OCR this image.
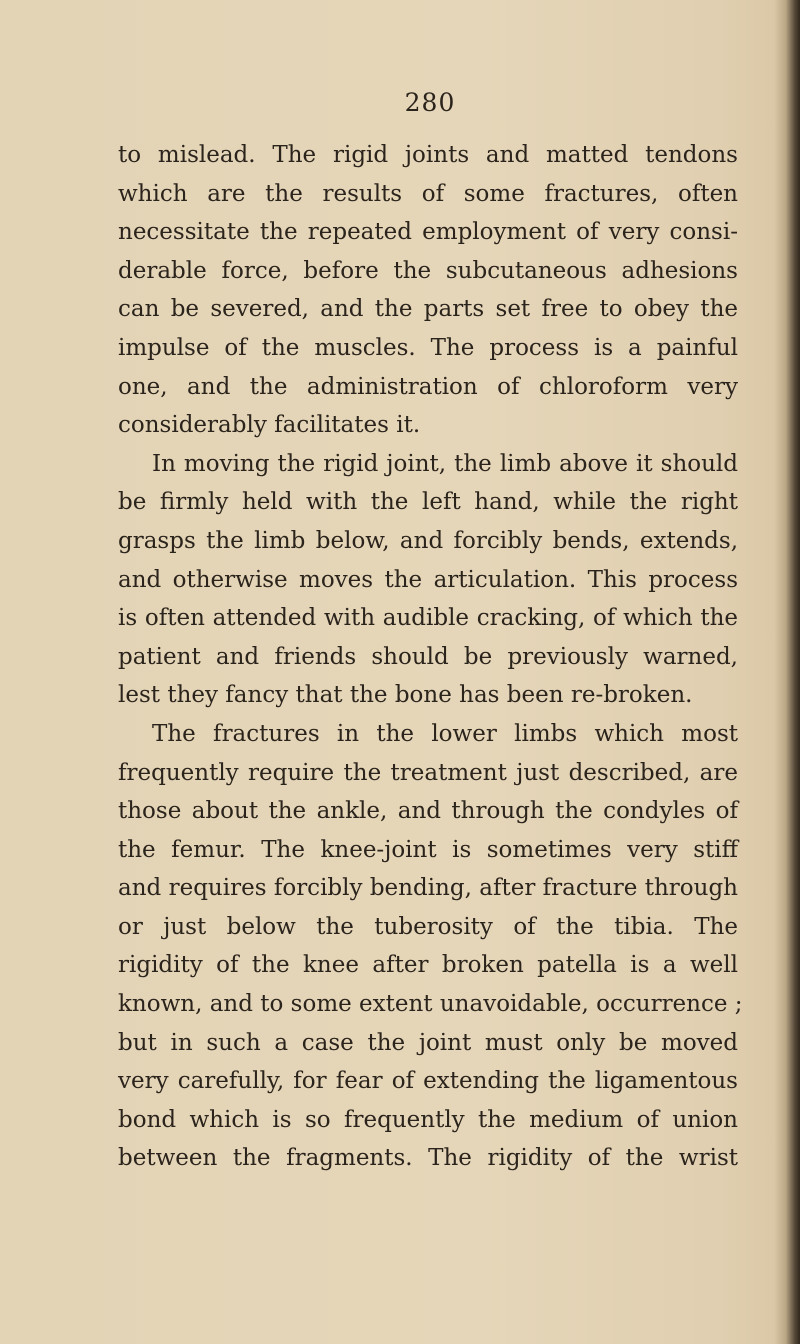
280
to mislead. The rigid joints and matted tendons
which are the results of some fractures, often
necessitate the repeated employment of very consi-
derable force, before the subcutaneous adhesions
can be severed, and the parts set free to obey the
impulse of the muscles. The process is a painful
one, and the administration of chloroform very
considerably facilitates it.
In moving the rigid joint, the limb above it should
be firmly held with the left hand, while the right
grasps the limb below, and forcibly bends, extends,
and otherwise moves the articulation. This process
is often attended with audible cracking, of which the
patient and friends should be previously warned,
lest they fancy that the bone has been re-broken.
The fractures in the lower limbs which most
frequently require the treatment just described, are
those about the ankle, and through the condyles of
the femur. The knee-joint is sometimes very stiff
and requires forcibly bending, after fracture through
or just below the tuberosity of the tibia. The
rigidity of the knee after broken patella is a well
known, and to some extent unavoidable, occurrence ;
but in such a case the joint must only be moved
very carefully, for fear of extending the ligamentous
bond which is so frequently the medium of union
between the fragments. The rigidity of the wrist
